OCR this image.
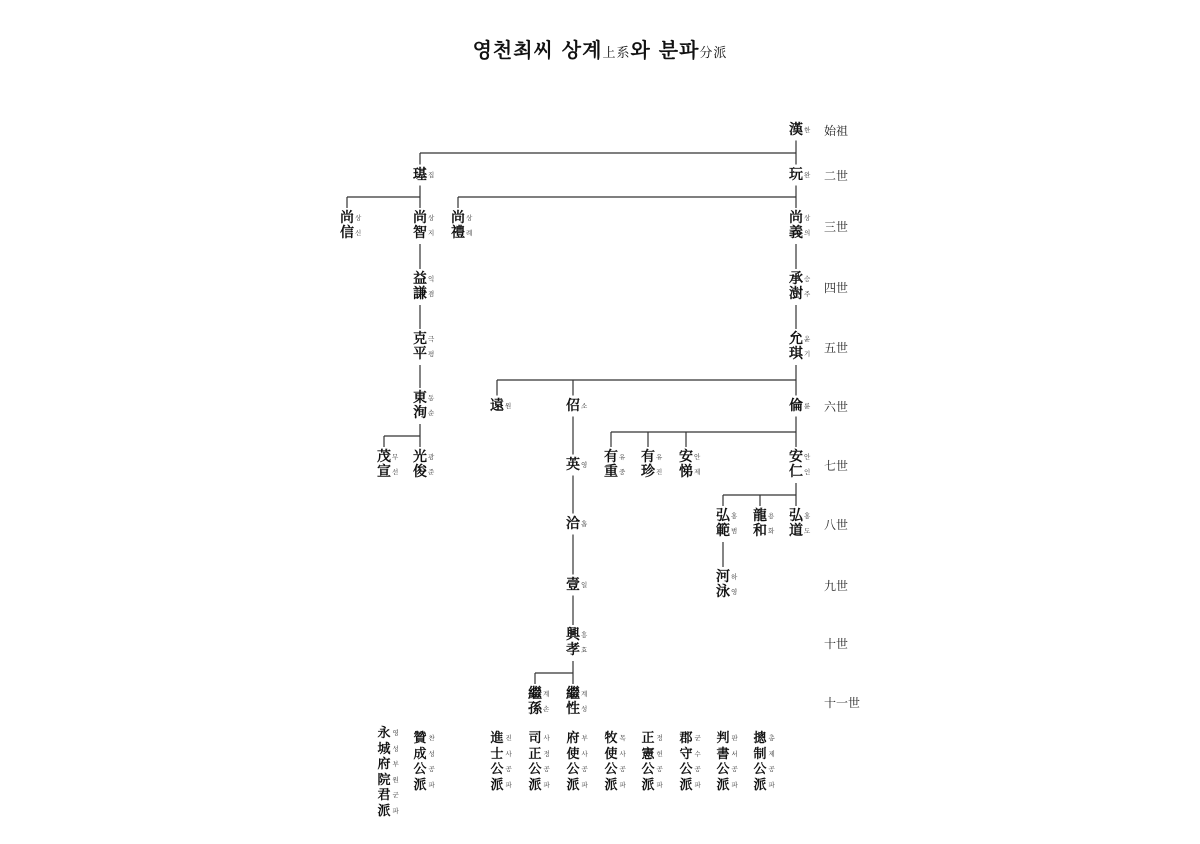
영천최씨 상계上系와 분파分派
始祖
二世
三世
四世
五世
六世
七世
八世
九世
十世
十一世
漢 한
璂 집	玩 완
尚 상
信 신
尚 상
智 지
尚 상
禮 례
尚 상
義 의
益 익
謙 겸
承 승
澍 주
克 극
平 평
允 윤
琪 기
東 동
洵 순	遠 원	佋 소	倫 륜
茂 무
宣 선
光 광
俊 준	英 영 有 유
重 중
有 유
珍 진
安 안
悌 제
安 안
仁 인
洽 흡	弘 홍
範 범
龍 용
和 화
弘 홍
道 도
壹 일	河 하
泳 영
興 흥
孝 효
繼 계
孫 손
繼 계
性 성
永 영
城 성
府 부
院 원
君 군
派 파
贊 찬
成 성
公 공
派 파
進 진
士 사
公 공
派 파
司 사
正 정
公 공
派 파
府 부
使 사
公 공
派 파
牧 목
使 사
公 공
派 파
正 정
憲 헌
公 공
派 파
郡 군
守 수
公 공
派 파
判 판
書 서
公 공
派 파
摠 총
制 제
公 공
派 파
